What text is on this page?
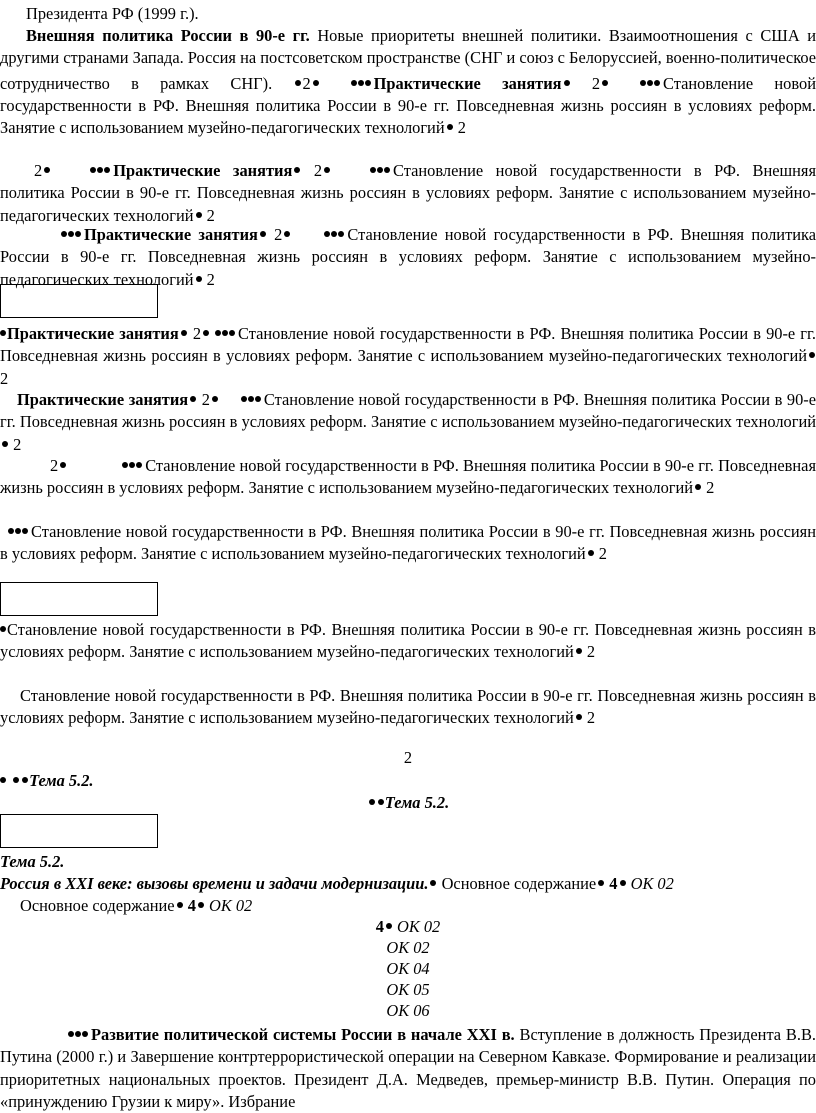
Президента РФ (1999 г.).

Внешняя политика России в 90-е гг. Новые приоритеты внешней политики. Взаимоотношения с США и другими странами Запада. Россия на постсоветском пространстве (СНГ и союз с Белоруссией, военно-политическое сотрудничество в рамках СНГ). 2	Практические занятия 2	Становление новой государственности в РФ. Внешняя политика России в 90-е гг. Повседневная жизнь россиян в условиях реформ. Занятие с использованием музейно-педагогических технологий 2

2	Практические занятия 2	Становление новой государственности в РФ. Внешняя политика России в 90-е гг. Повседневная жизнь россиян в условиях реформ. Занятие с использованием музейно-педагогических технологий 2

Практические занятия 2	Становление новой государственности в РФ. Внешняя политика России в 90-е гг. Повседневная жизнь россиян в условиях реформ. Занятие с использованием музейно-педагогических технологий 2

Практические занятия 2 Становление новой государственности в РФ. Внешняя политика России в 90-е гг. Повседневная жизнь россиян в условиях реформ. Занятие с использованием музейно-педагогических технологий 2

Практические занятия 2	Становление новой государственности в РФ. Внешняя политика России в 90-е гг. Повседневная жизнь россиян в условиях реформ. Занятие с использованием музейно-педагогических технологий 2

2	Становление новой государственности в РФ. Внешняя политика России в 90-е гг. Повседневная жизнь россиян в условиях реформ. Занятие с использованием музейно-педагогических технологий 2

Становление новой государственности в РФ. Внешняя политика России в 90-е гг. Повседневная жизнь россиян в условиях реформ. Занятие с использованием музейно-педагогических технологий 2

Становление новой государственности в РФ. Внешняя политика России в 90-е гг. Повседневная жизнь россиян в условиях реформ. Занятие с использованием музейно-педагогических технологий 2

Становление новой государственности в РФ. Внешняя политика России в 90-е гг. Повседневная жизнь россиян в условиях реформ. Занятие с использованием музейно-педагогических технологий 2

2

Тема 5.2.

Тема 5.2.

Тема 5.2.

Россия в XXI веке: вызовы времени и задачи модернизации. Основное содержание 4 ОК 02

Основное содержание 4 ОК 02

4 ОК 02

ОК 02

ОК 04

ОК 05

ОК 06

Развитие политической системы России в начале XXI в. Вступление в должность Президента В.В. Путина (2000 г.) и Завершение контртеррористической операции на Северном Кавказе. Формирование и реализации приоритетных национальных проектов. Президент Д.А. Медведев, премьер-министр В.В. Путин. Операция по «принуждению Грузии к миру». Избрание
